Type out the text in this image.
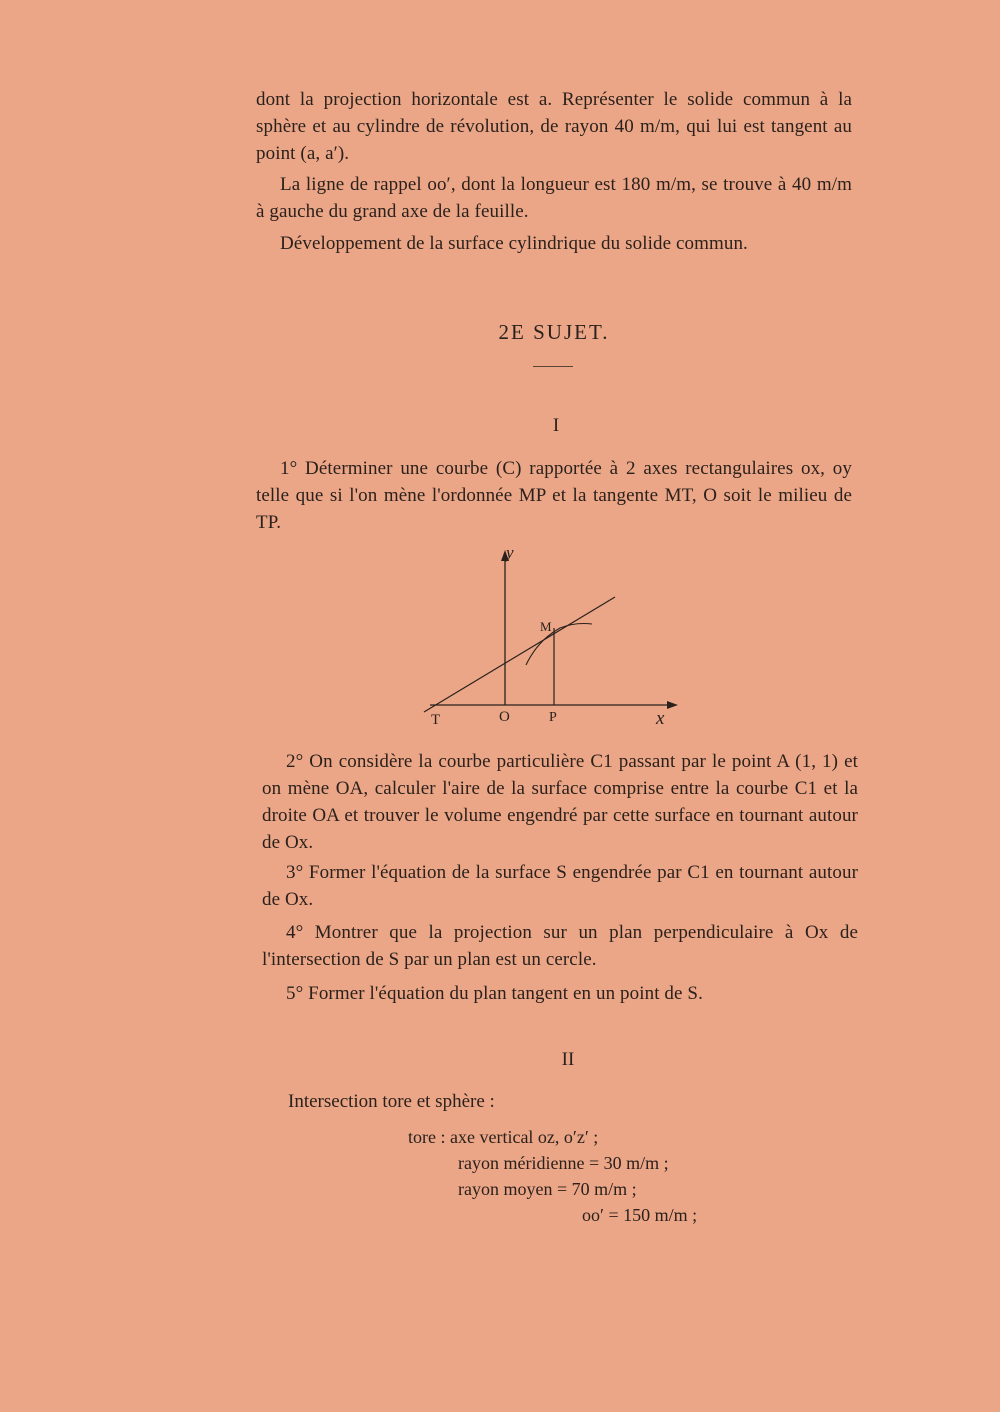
dont la projection horizontale est a. Représenter le solide commun à la sphère et au cylindre de révolution, de rayon 40 m/m, qui lui est tangent au point (a, a′).

La ligne de rappel oo′, dont la longueur est 180 m/m, se trouve à 40 m/m à gauche du grand axe de la feuille.

Développement de la surface cylindrique du solide commun.

2E SUJET.
I

1° Déterminer une courbe (C) rapportée à 2 axes rectangulaires ox, oy telle que si l'on mène l'ordonnée MP et la tangente MT, O soit le milieu de TP.

y
M
T	O	P	x

2° On considère la courbe particulière C1 passant par le point A (1, 1) et on mène OA, calculer l'aire de la surface comprise entre la courbe C1 et la droite OA et trouver le volume engendré par cette surface en tournant autour de Ox.

3° Former l'équation de la surface S engendrée par C1 en tournant autour de Ox.

4° Montrer que la projection sur un plan perpendiculaire à Ox de l'intersection de S par un plan est un cercle.

5° Former l'équation du plan tangent en un point de S.

II
Intersection tore et sphère :
tore : axe vertical oz, o′z′ ;
rayon méridienne = 30 m/m ;
rayon moyen = 70 m/m ;
oo′ = 150 m/m ;
